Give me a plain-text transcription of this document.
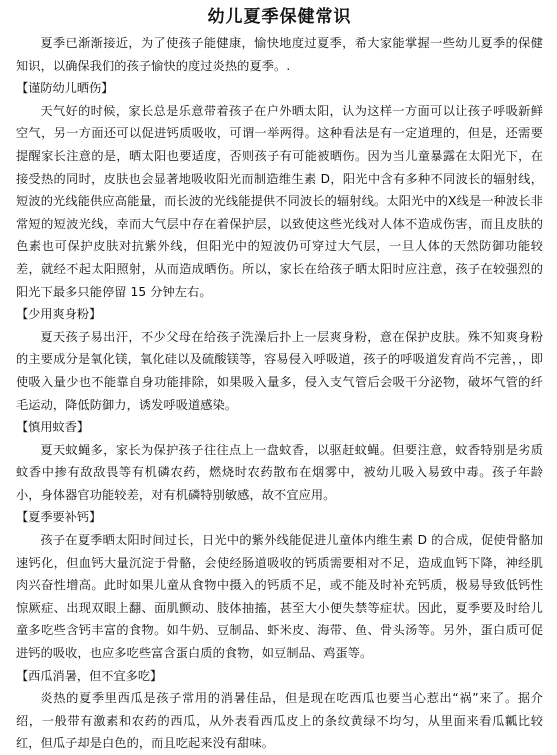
幼儿夏季保健常识

夏季已渐渐接近，为了使孩子能健康，愉快地度过夏季，希大家能掌握一些幼儿夏季的保健知识，以确保我们的孩子愉快的度过炎热的夏季。.

【谨防幼儿晒伤】

天气好的时候，家长总是乐意带着孩子在户外晒太阳，认为这样一方面可以让孩子呼吸新鲜空气，另一方面还可以促进钙质吸收，可谓一举两得。这种看法是有一定道理的，但是，还需要提醒家长注意的是，晒太阳也要适度，否则孩子有可能被晒伤。因为当儿童暴露在太阳光下，在接受热的同时，皮肤也会显著地吸收阳光而制造维生素 D，阳光中含有多种不同波长的辐射线，短波的光线能供应高能量，而长波的光线能提供不同波长的辐射线。太阳光中的X线是一种波长非常短的短波光线，幸而大气层中存在着保护层，以致使这些光线对人体不造成伤害，而且皮肤的色素也可保护皮肤对抗紫外线，但阳光中的短波仍可穿过大气层，一旦人体的天然防御功能较差，就经不起太阳照射，从而造成晒伤。所以，家长在给孩子晒太阳时应注意，孩子在较强烈的阳光下最多只能停留 15 分钟左右。

【少用爽身粉】

夏天孩子易出汗，不少父母在给孩子洗澡后扑上一层爽身粉，意在保护皮肤。殊不知爽身粉的主要成分是氧化镁，氧化硅以及硫酸镁等，容易侵入呼吸道，孩子的呼吸道发育尚不完善，，即使吸入量少也不能靠自身功能排除，如果吸入量多，侵入支气管后会吸干分泌物，破坏气管的纤毛运动，降低防御力，诱发呼吸道感染。

【慎用蚊香】

夏天蚊蝇多，家长为保护孩子往往点上一盘蚊香，以驱赶蚊蝇。但要注意，蚊香特别是劣质蚊香中掺有敌敌畏等有机磷农药，燃烧时农药散布在烟雾中，被幼儿吸入易致中毒。孩子年龄小，身体器官功能较差，对有机磷特别敏感，故不宜应用。

【夏季要补钙】

孩子在夏季晒太阳时间过长，日光中的紫外线能促进儿童体内维生素 D 的合成，促使骨骼加速钙化，但血钙大量沉淀于骨骼，会使经肠道吸收的钙质需要相对不足，造成血钙下降，神经肌肉兴奋性增高。此时如果儿童从食物中摄入的钙质不足，或不能及时补充钙质，极易导致低钙性惊厥症、出现双眼上翻、面肌颤动、肢体抽搐，甚至大小便失禁等症状。因此，夏季要及时给儿童多吃些含钙丰富的食物。如牛奶、豆制品、虾米皮、海带、鱼、骨头汤等。另外，蛋白质可促进钙的吸收，也应多吃些富含蛋白质的食物，如豆制品、鸡蛋等。

【西瓜消暑，但不宜多吃】

炎热的夏季里西瓜是孩子常用的消暑佳品，但是现在吃西瓜也要当心惹出“祸”来了。据介绍，一般带有激素和农药的西瓜，从外表看西瓜皮上的条纹黄绿不均匀，从里面来看瓜瓤比较红，但瓜子却是白色的，而且吃起来没有甜味。
